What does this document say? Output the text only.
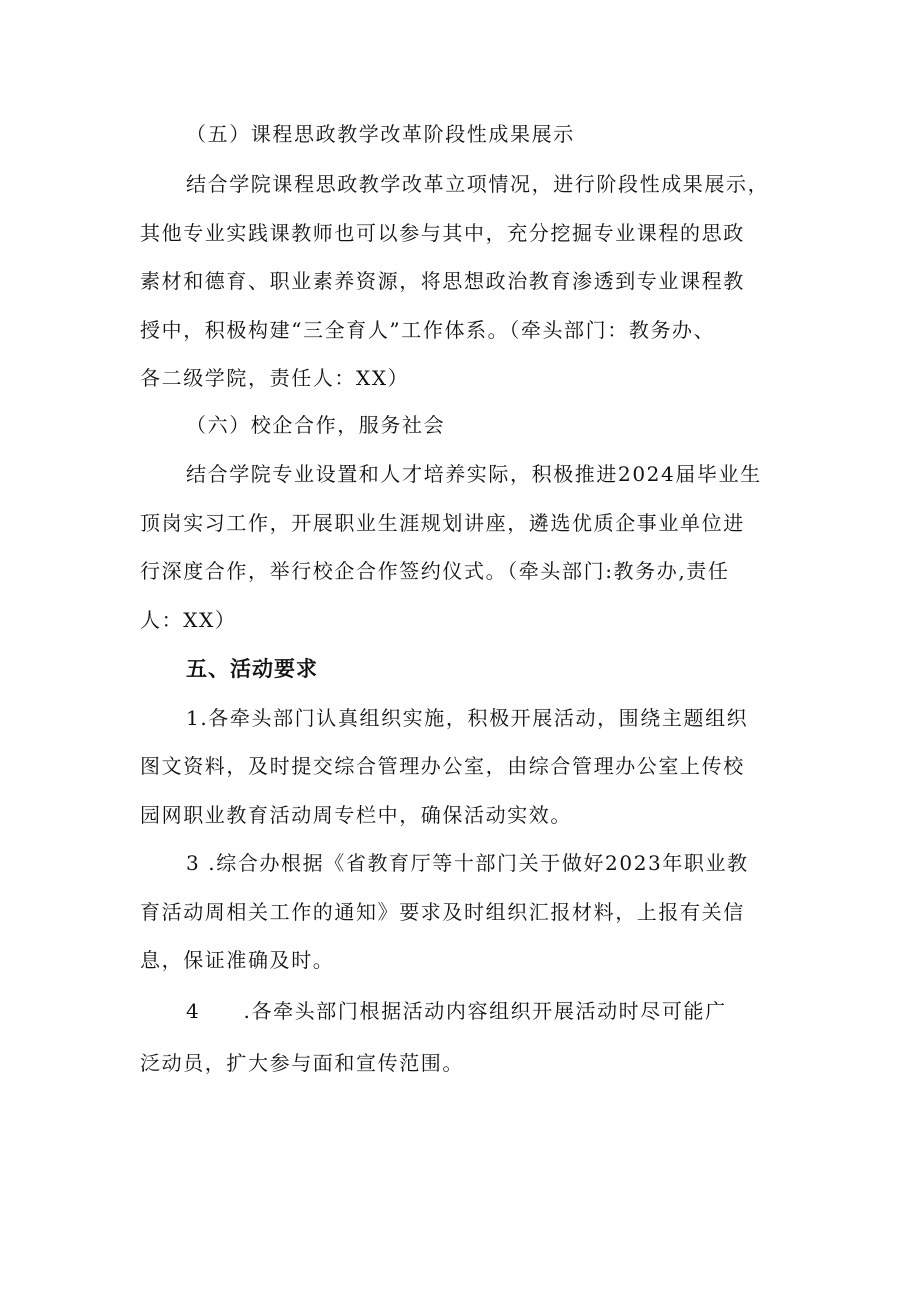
（五）课程思政教学改革阶段性成果展示
结合学院课程思政教学改革立项情况，进行阶段性成果展示，
其他专业实践课教师也可以参与其中，充分挖掘专业课程的思政
素材和德育、职业素养资源，将思想政治教育渗透到专业课程教
授中，积极构建“三全育人”工作体系。（牵头部门：教务办、
各二级学院，责任人：XX）
（六）校企合作，服务社会
结合学院专业设置和人才培养实际，积极推进2024届毕业生
顶岗实习工作，开展职业生涯规划讲座，遴选优质企事业单位进
行深度合作，举行校企合作签约仪式。（牵头部门:教务办,责任
人：XX）
五、活动要求
1.各牵头部门认真组织实施，积极开展活动，围绕主题组织
图文资料，及时提交综合管理办公室，由综合管理办公室上传校
园网职业教育活动周专栏中，确保活动实效。
3 .综合办根据《省教育厅等十部门关于做好2023年职业教
育活动周相关工作的通知》要求及时组织汇报材料，上报有关信
息，保证准确及时。
4　　.各牵头部门根据活动内容组织开展活动时尽可能广
泛动员，扩大参与面和宣传范围。
